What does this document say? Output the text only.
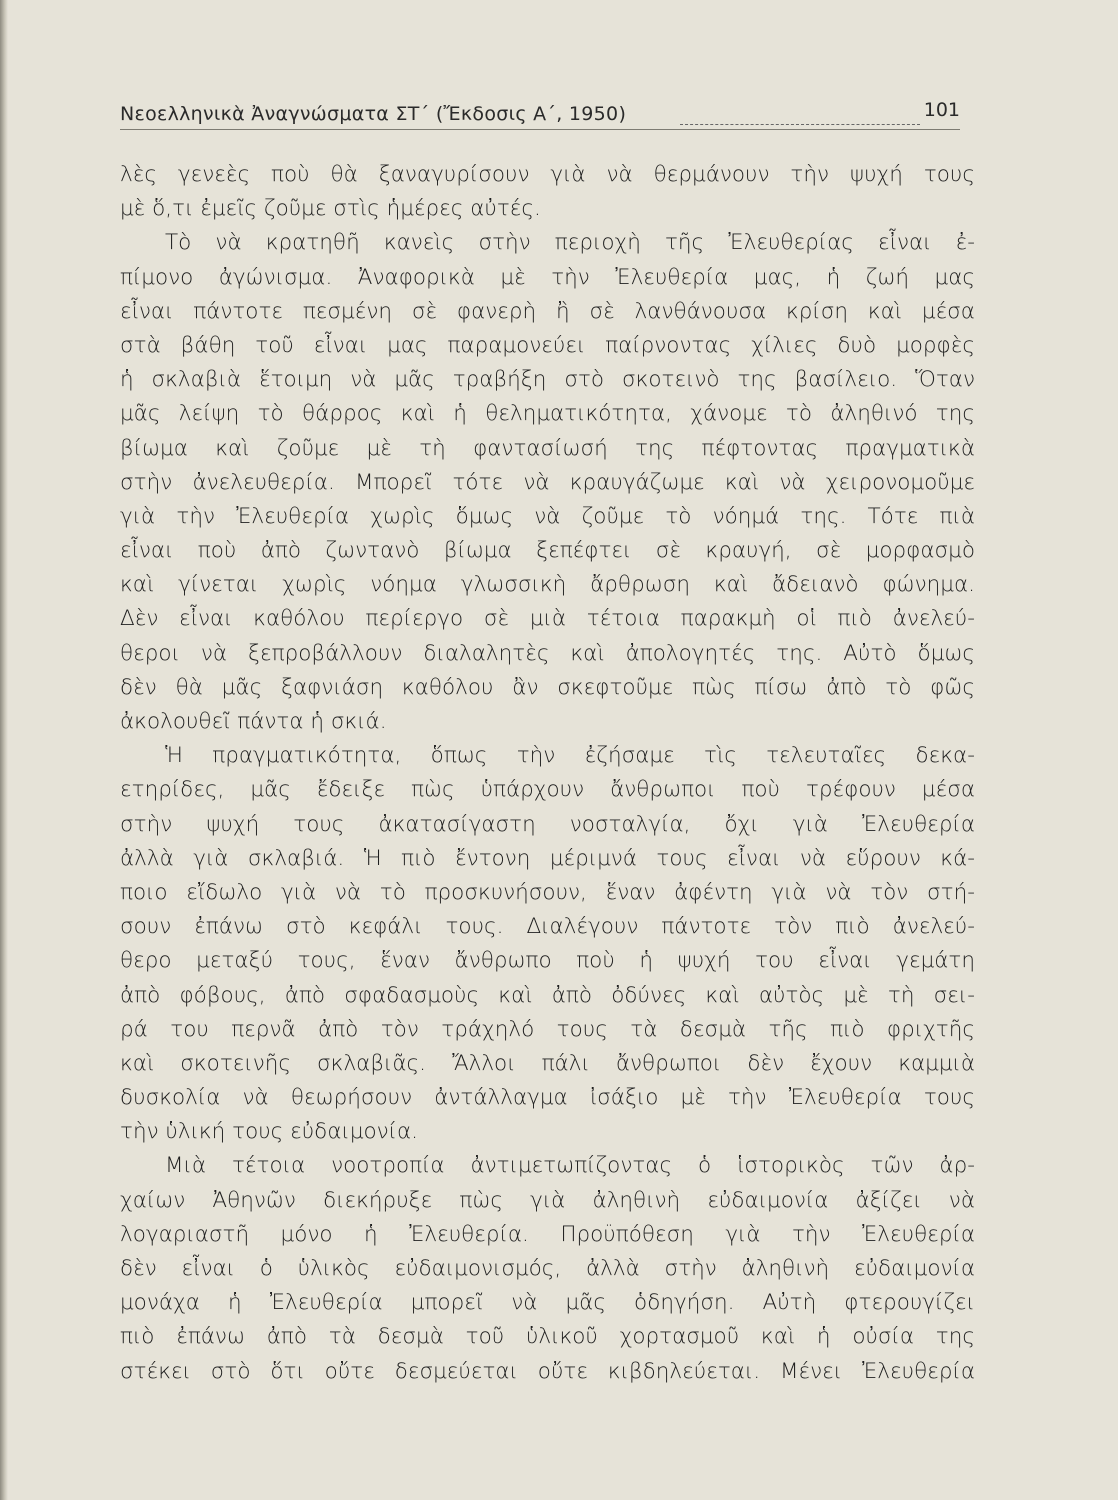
Νεοελληνικὰ Ἀναγνώσματα ΣΤ΄ (Ἔκδοσις Α΄, 1950)	101
λὲς γενεὲς ποὺ θὰ ξαναγυρίσουν γιὰ νὰ θερμάνουν τὴν ψυχή τους
μὲ ὅ,τι ἐμεῖς ζοῦμε στὶς ἡμέρες αὐτές.
Τὸ νὰ κρατηθῆ κανεὶς στὴν περιοχὴ τῆς Ἐλευθερίας εἶναι ἐ-
πίμονο ἀγώνισμα. Ἀναφορικὰ μὲ τὴν Ἐλευθερία μας, ἡ ζωή μας
εἶναι πάντοτε πεσμένη σὲ φανερὴ ἢ σὲ λανθάνουσα κρίση καὶ μέσα
στὰ βάθη τοῦ εἶναι μας παραμονεύει παίρνοντας χίλιες δυὸ μορφὲς
ἡ σκλαβιὰ ἕτοιμη νὰ μᾶς τραβήξη στὸ σκοτεινὸ της βασίλειο. Ὅταν
μᾶς λείψη τὸ θάρρος καὶ ἡ θεληματικότητα, χάνομε τὸ ἀληθινό της
βίωμα καὶ ζοῦμε μὲ τὴ φαντασίωσή της πέφτοντας πραγματικὰ
στὴν ἀνελευθερία. Μπορεῖ τότε νὰ κραυγάζωμε καὶ νὰ χειρονομοῦμε
γιὰ τὴν Ἐλευθερία χωρὶς ὅμως νὰ ζοῦμε τὸ νόημά της. Τότε πιὰ
εἶναι ποὺ ἀπὸ ζωντανὸ βίωμα ξεπέφτει σὲ κραυγή, σὲ μορφασμὸ
καὶ γίνεται χωρὶς νόημα γλωσσικὴ ἄρθρωση καὶ ἄδειανὸ φώνημα.
Δὲν εἶναι καθόλου περίεργο σὲ μιὰ τέτοια παρακμὴ οἱ πιὸ ἀνελεύ-
θεροι νὰ ξεπροβάλλουν διαλαλητὲς καὶ ἀπολογητές της. Αὐτὸ ὅμως
δὲν θὰ μᾶς ξαφνιάση καθόλου ἂν σκεφτοῦμε πὼς πίσω ἀπὸ τὸ φῶς
ἀκολουθεῖ πάντα ἡ σκιά.
Ἡ πραγματικότητα, ὅπως τὴν ἐζήσαμε τὶς τελευταῖες δεκα-
ετηρίδες, μᾶς ἔδειξε πὼς ὑπάρχουν ἄνθρωποι ποὺ τρέφουν μέσα
στὴν ψυχή τους ἀκατασίγαστη νοσταλγία, ὄχι γιὰ Ἐλευθερία
ἀλλὰ γιὰ σκλαβιά. Ἡ πιὸ ἔντονη μέριμνά τους εἶναι νὰ εὕρουν κά-
ποιο εἴδωλο γιὰ νὰ τὸ προσκυνήσουν, ἕναν ἀφέντη γιὰ νὰ τὸν στή-
σουν ἐπάνω στὸ κεφάλι τους. Διαλέγουν πάντοτε τὸν πιὸ ἀνελεύ-
θερο μεταξύ τους, ἕναν ἄνθρωπο ποὺ ἡ ψυχή του εἶναι γεμάτη
ἀπὸ φόβους, ἀπὸ σφαδασμοὺς καὶ ἀπὸ ὀδύνες καὶ αὐτὸς μὲ τὴ σει-
ρά του περνᾶ ἀπὸ τὸν τράχηλό τους τὰ δεσμὰ τῆς πιὸ φριχτῆς
καὶ σκοτεινῆς σκλαβιᾶς. Ἄλλοι πάλι ἄνθρωποι δὲν ἔχουν καμμιὰ
δυσκολία νὰ θεωρήσουν ἀντάλλαγμα ἰσάξιο μὲ τὴν Ἐλευθερία τους
τὴν ὑλική τους εὐδαιμονία.
Μιὰ τέτοια νοοτροπία ἀντιμετωπίζοντας ὁ ἱστορικὸς τῶν ἀρ-
χαίων Ἀθηνῶν διεκήρυξε πὼς γιὰ ἀληθινὴ εὐδαιμονία ἀξίζει νὰ
λογαριαστῆ μόνο ἡ Ἐλευθερία. Προϋπόθεση γιὰ τὴν Ἐλευθερία
δὲν εἶναι ὁ ὑλικὸς εὐδαιμονισμός, ἀλλὰ στὴν ἀληθινὴ εὐδαιμονία
μονάχα ἡ Ἐλευθερία μπορεῖ νὰ μᾶς ὁδηγήση. Αὐτὴ φτερουγίζει
πιὸ ἐπάνω ἀπὸ τὰ δεσμὰ τοῦ ὑλικοῦ χορτασμοῦ καὶ ἡ οὐσία της
στέκει στὸ ὅτι οὔτε δεσμεύεται οὔτε κιβδηλεύεται. Μένει Ἐλευθερία
